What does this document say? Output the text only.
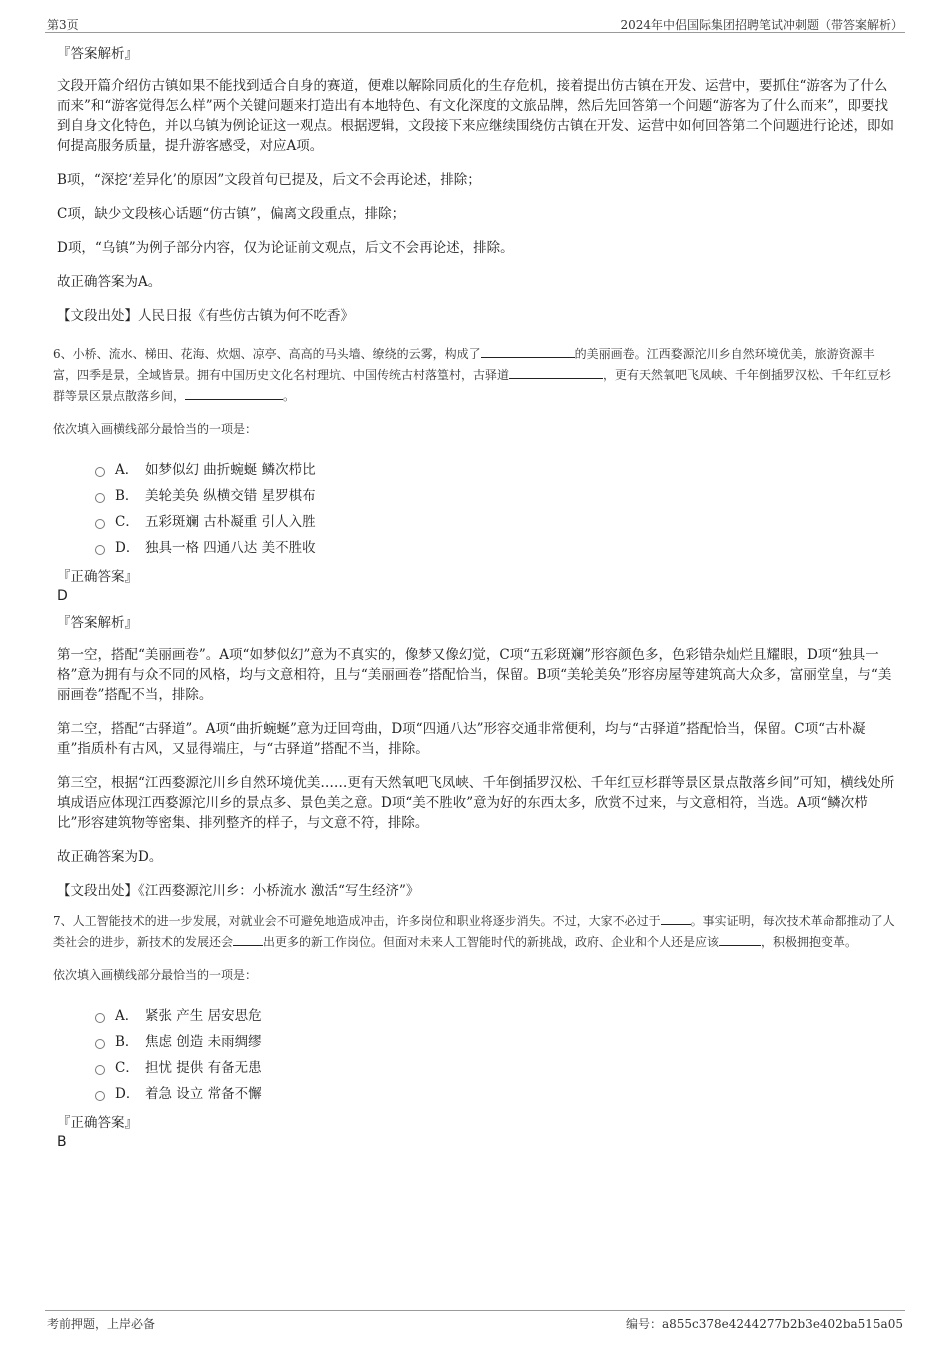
第3页	2024年中侣国际集团招聘笔试冲刺题（带答案解析）
『答案解析』

文段开篇介绍仿古镇如果不能找到适合自身的赛道，便难以解除同质化的生存危机，接着提出仿古镇在开发、运营中，要抓住“游客为了什么而来”和“游客觉得怎么样”两个关键问题来打造出有本地特色、有文化深度的文旅品牌，然后先回答第一个问题“游客为了什么而来”，即要找到自身文化特色，并以乌镇为例论证这一观点。根据逻辑，文段接下来应继续围绕仿古镇在开发、运营中如何回答第二个问题进行论述，即如何提高服务质量，提升游客感受，对应A项。

B项，“深挖‘差异化’的原因”文段首句已提及，后文不会再论述，排除；

C项，缺少文段核心话题“仿古镇”，偏离文段重点，排除；

D项，“乌镇”为例子部分内容，仅为论证前文观点，后文不会再论述，排除。

故正确答案为A。

【文段出处】人民日报《有些仿古镇为何不吃香》

6、小桥、流水、梯田、花海、炊烟、凉亭、高高的马头墙、缭绕的云雾，构成了	的美丽画卷。江西婺源沱川乡自然环境优美，旅游资源丰富，四季是景，全域皆景。拥有中国历史文化名村理坑、中国传统古村落篁村，古驿道	，更有天然氧吧飞凤峡、千年倒插罗汉松、千年红豆杉群等景区景点散落乡间，	。
依次填入画横线部分最恰当的一项是：
A． 如梦似幻 曲折蜿蜒 鳞次栉比
B． 美轮美奂 纵横交错 星罗棋布
C． 五彩斑斓 古朴凝重 引人入胜
D． 独具一格 四通八达 美不胜收
『正确答案』
D
『答案解析』

第一空，搭配“美丽画卷”。A项“如梦似幻”意为不真实的，像梦又像幻觉，C项“五彩斑斓”形容颜色多，色彩错杂灿烂且耀眼，D项“独具一格”意为拥有与众不同的风格，均与文意相符，且与“美丽画卷”搭配恰当，保留。B项“美轮美奂”形容房屋等建筑高大众多，富丽堂皇，与“美丽画卷”搭配不当，排除。

第二空，搭配“古驿道”。A项“曲折蜿蜒”意为迂回弯曲，D项“四通八达”形容交通非常便利，均与“古驿道”搭配恰当，保留。C项“古朴凝重”指质朴有古风，又显得端庄，与“古驿道”搭配不当，排除。

第三空，根据“江西婺源沱川乡自然环境优美……更有天然氧吧飞凤峡、千年倒插罗汉松、千年红豆杉群等景区景点散落乡间”可知，横线处所填成语应体现江西婺源沱川乡的景点多、景色美之意。D项“美不胜收”意为好的东西太多，欣赏不过来，与文意相符，当选。A项“鳞次栉比”形容建筑物等密集、排列整齐的样子，与文意不符，排除。

故正确答案为D。

【文段出处】《江西婺源沱川乡：小桥流水 激活“写生经济”》

7、人工智能技术的进一步发展，对就业会不可避免地造成冲击，许多岗位和职业将逐步消失。不过，大家不必过于	。事实证明，每次技术革命都推动了人类社会的进步，新技术的发展还会	出更多的新工作岗位。但面对未来人工智能时代的新挑战，政府、企业和个人还是应该	，积极拥抱变革。
依次填入画横线部分最恰当的一项是：
A． 紧张 产生 居安思危
B． 焦虑 创造 未雨绸缪
C． 担忧 提供 有备无患
D． 着急 设立 常备不懈
『正确答案』
B
考前押题，上岸必备	编号：a855c378e4244277b2b3e402ba515a05
